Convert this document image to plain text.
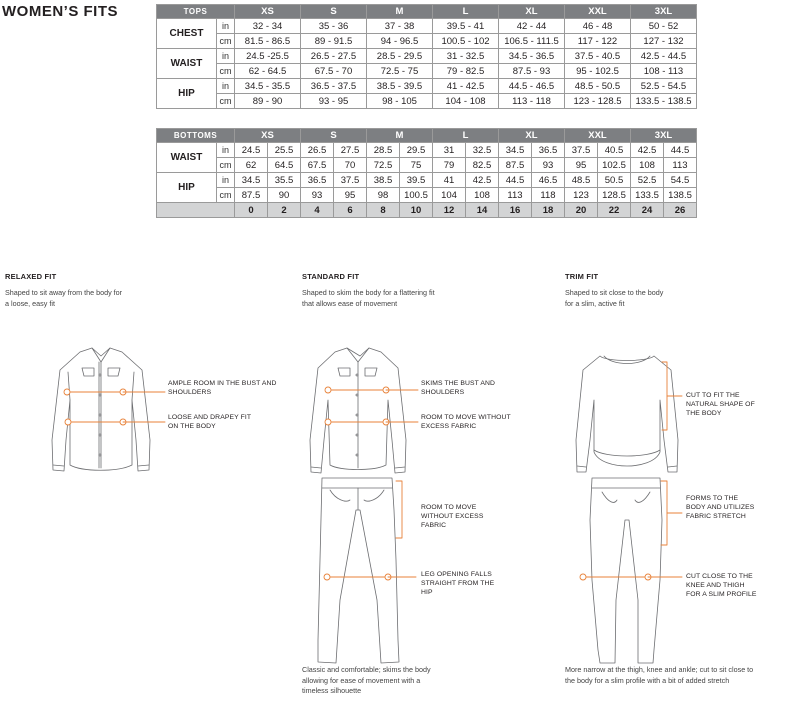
WOMEN’S FITS	TOPS		XS	S	M	L	XL	XXL	3XL
CHEST	in	32 - 34	35 - 36	37 - 38	39.5 - 41	42 - 44	46 - 48	50 - 52
	cm	81.5 - 86.5	89 - 91.5	94 - 96.5	100.5 - 102	106.5 - 111.5	117 - 122	127 - 132
WAIST	in	24.5 -25.5	26.5 - 27.5	28.5 - 29.5	31 - 32.5	34.5 - 36.5	37.5 - 40.5	42.5 - 44.5
	cm	62 - 64.5	67.5 - 70	72.5 - 75	79 - 82.5	87.5 - 93	95 - 102.5	108 - 113
HIP	in	34.5 - 35.5	36.5 - 37.5	38.5 - 39.5	41 - 42.5	44.5 - 46.5	48.5 - 50.5	52.5 - 54.5
	cm	89 - 90	93 - 95	98 - 105	104 - 108	113 - 118	123 - 128.5	133.5 - 138.5
BOTTOMS		XS		S		M		L		XL		XXL		3XL	
WAIST	in	24.5	25.5	26.5	27.5	28.5	29.5	31	32.5	34.5	36.5	37.5	40.5	42.5	44.5
	cm	62	64.5	67.5	70	72.5	75	79	82.5	87.5	93	95	102.5	108	113
HIP	in	34.5	35.5	36.5	37.5	38.5	39.5	41	42.5	44.5	46.5	48.5	50.5	52.5	54.5
	cm	87.5	90	93	95	98	100.5	104	108	113	118	123	128.5	133.5	138.5
		0	2	4	6	8	10	12	14	16	18	20	22	24	26
RELAXED FIT
Shaped to sit away from the body for a loose, easy fit
STANDARD FIT
Shaped to skim the body for a flattering fit that allows ease of movement
TRIM FIT
Shaped to sit close to the body for a slim, active fit
AMPLE ROOM IN THE BUST AND SHOULDERS
LOOSE AND DRAPEY FIT ON THE BODY
SKIMS THE BUST AND SHOULDERS
ROOM TO MOVE WITHOUT EXCESS FABRIC
ROOM TO MOVE WITHOUT EXCESS FABRIC
LEG OPENING FALLS STRAIGHT FROM THE HIP
CUT TO FIT THE NATURAL SHAPE OF THE BODY
FORMS TO THE BODY AND UTILIZES FABRIC STRETCH
CUT CLOSE TO THE KNEE AND THIGH FOR A SLIM PROFILE
Classic and comfortable; skims the body allowing for ease of movement with a timeless silhouette
More narrow at the thigh, knee and ankle; cut to sit close to the body for a slim profile with a bit of added stretch
